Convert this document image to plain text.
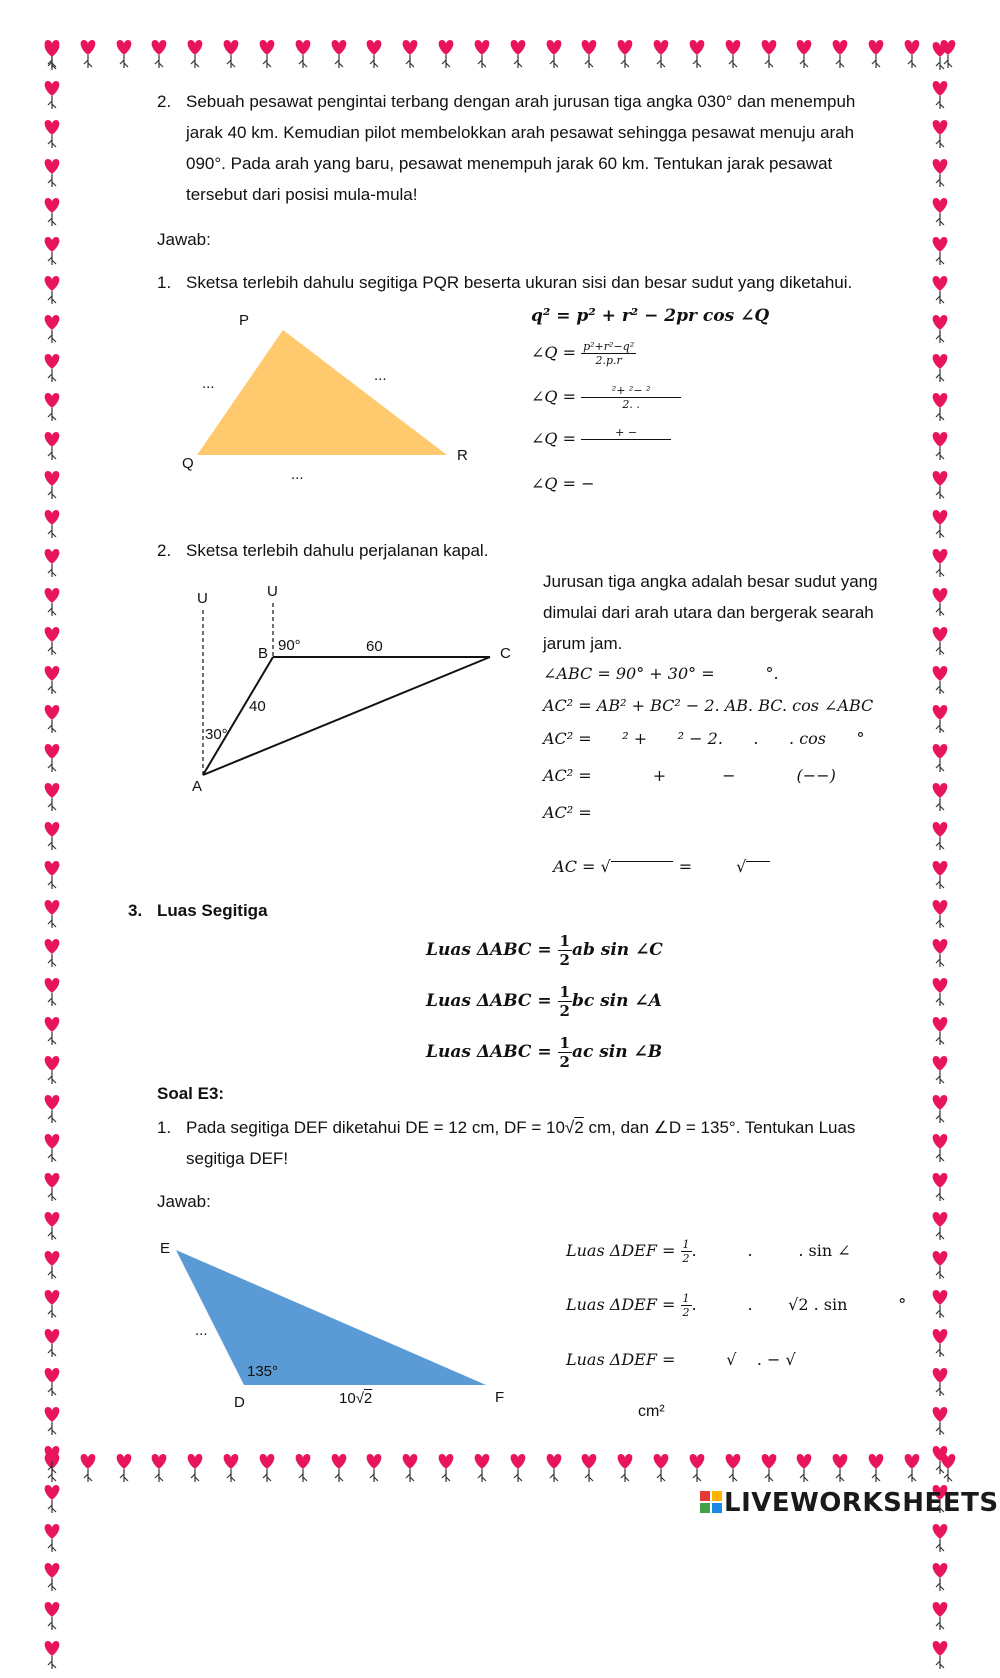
2. Sebuah pesawat pengintai terbang dengan arah jurusan tiga angka 030° dan menempuh
jarak 40 km. Kemudian pilot membelokkan arah pesawat sehingga pesawat menuju arah
090°. Pada arah yang baru, pesawat menempuh jarak 60 km. Tentukan jarak pesawat
tersebut dari posisi mula-mula!
Jawab:
1. Sketsa terlebih dahulu segitiga PQR beserta ukuran sisi dan besar sudut yang diketahui.
P
Q	R
...	...
...
q² = p² + r² − 2pr cos ∠Q
∠Q = $\frac{\text{p²+r²−q²}}{2.p.r}$
∠Q = $\frac{\text{²+ ²− ²}}{2. .}$
∠Q =	+ −

∠Q = −
2. Sketsa terlebih dahulu perjalanan kapal.
U	U
B	C
A
90°	60
40
30°
Jurusan tiga angka adalah besar sudut yang
dimulai dari arah utara dan bergerak searah
jarum jam.
∠ABC = 90° + 30° =          °.
AC² = AB² + BC² − 2. AB. BC. cos ∠ABC
AC² =      ² +      ² − 2.      .      . cos      °
AC² =            +           −            (−−)
AC² =

AC = √	=	√

3. Luas Segitiga
Luas $\Delta ABC = \frac{1}{2}$ ab sin ∠C
Luas $\Delta ABC = \frac{1}{2}$ bc sin ∠A
Luas $\Delta ABC = \frac{1}{2}$ ac sin ∠B
Soal E3:
1. Pada segitiga DEF diketahui DE = 12 cm, DF = 10√2 cm, dan ∠D = 135°. Tentukan Luas
segitiga DEF!
Jawab:
E
D	F
...
135°
10√2
Luas $\Delta DEF = \frac{1}{2}$ .          .         . sin ∠
Luas $\Delta DEF = \frac{1}{2}$ .          .       √2 . sin          °
Luas ΔDEF =          √    . − √
cm²
LIVEWORKSHEETS
